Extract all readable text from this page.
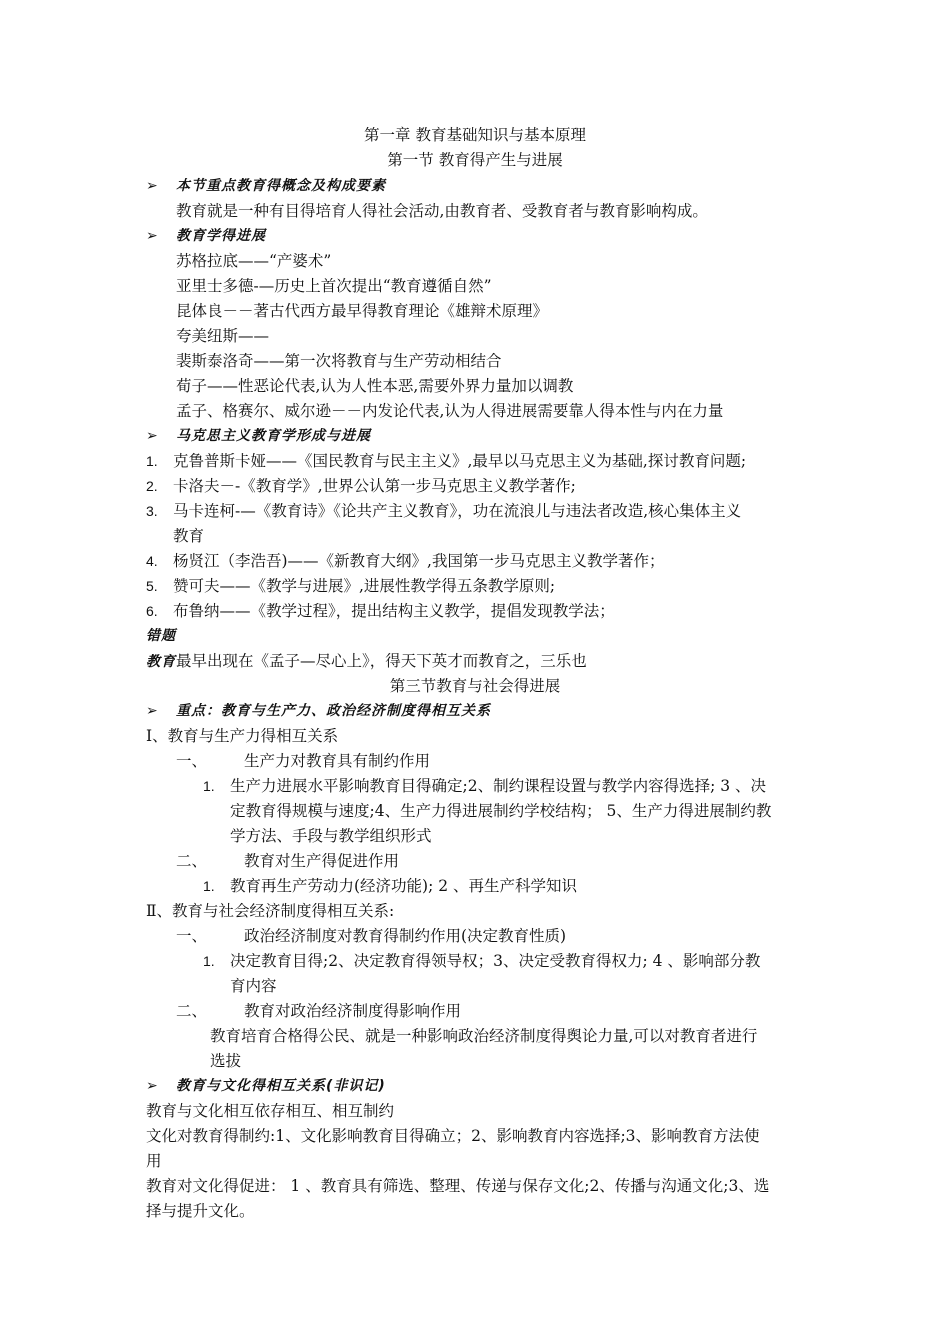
第一章 教育基础知识与基本原理
第一节 教育得产生与进展
➢ 本节重点教育得概念及构成要素
教育就是一种有目得培育人得社会活动,由教育者、受教育者与教育影响构成。
➢ 教育学得进展
苏格拉底——“产婆术”
亚里士多德-—历史上首次提出“教育遵循自然”
昆体良－－著古代西方最早得教育理论《雄辩术原理》
夸美纽斯——
裴斯泰洛奇——第一次将教育与生产劳动相结合
荀子——性恶论代表,认为人性本恶,需要外界力量加以调教
孟子、格赛尔、威尔逊－－内发论代表,认为人得进展需要靠人得本性与内在力量
➢ 马克思主义教育学形成与进展
1. 克鲁普斯卡娅——《国民教育与民主主义》,最早以马克思主义为基础,探讨教育问题;
2. 卡洛夫－-《教育学》,世界公认第一步马克思主义教学著作;
3. 马卡连柯-—《教育诗》《论共产主义教育》，功在流浪儿与违法者改造,核心集体主义
教育
4. 杨贤江（李浩吾)——《新教育大纲》,我国第一步马克思主义教学著作；
5. 赞可夫——《教学与进展》,进展性教学得五条教学原则;
6. 布鲁纳——《教学过程》，提出结构主义教学，提倡发现教学法；
错题
教育最早出现在《孟子—尽心上》，得天下英才而教育之，三乐也
第三节教育与社会得进展
➢ 重点：教育与生产力、政治经济制度得相互关系
Ⅰ、教育与生产力得相互关系
一、 生产力对教育具有制约作用
1. 生产力进展水平影响教育目得确定;2、制约课程设置与教学内容得选择; 3 、决
定教育得规模与速度;4、生产力得进展制约学校结构； 5、生产力得进展制约教
学方法、手段与教学组织形式
二、 教育对生产得促进作用
1. 教育再生产劳动力(经济功能); 2 、再生产科学知识
Ⅱ、教育与社会经济制度得相互关系:
一、 政治经济制度对教育得制约作用(决定教育性质)
1. 决定教育目得;2、决定教育得领导权；3、决定受教育得权力; 4 、影响部分教
育内容
二、 教育对政治经济制度得影响作用
教育培育合格得公民、就是一种影响政治经济制度得舆论力量,可以对教育者进行
选拔
➢ 教育与文化得相互关系(非识记)
教育与文化相互依存相互、相互制约
文化对教育得制约:1、文化影响教育目得确立；2、影响教育内容选择;3、影响教育方法使
用
教育对文化得促进： 1 、教育具有筛选、整理、传递与保存文化;2、传播与沟通文化;3、选
择与提升文化。
